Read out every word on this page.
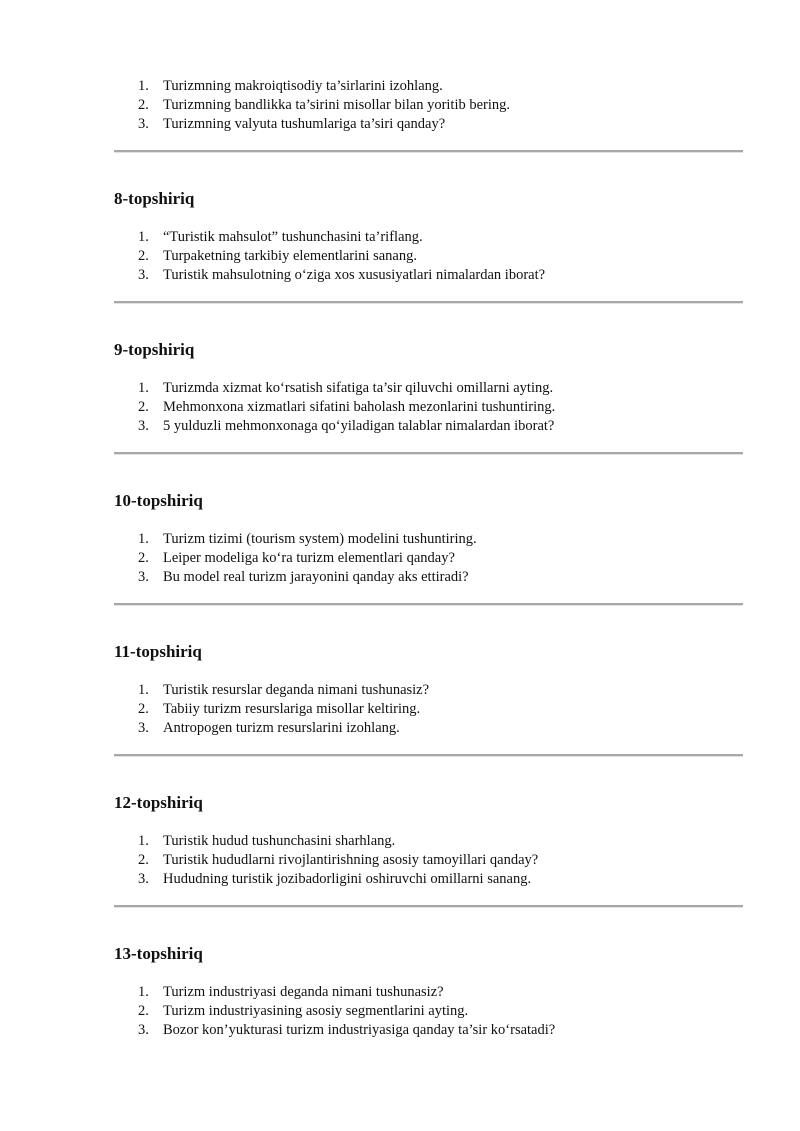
1. Turizmning makroiqtisodiy ta’sirlarini izohlang.
2. Turizmning bandlikka ta’sirini misollar bilan yoritib bering.
3. Turizmning valyuta tushumlariga ta’siri qanday?
8-topshiriq
1. “Turistik mahsulot” tushunchasini ta’riflang.
2. Turpaketning tarkibiy elementlarini sanang.
3. Turistik mahsulotning o‘ziga xos xususiyatlari nimalardan iborat?
9-topshiriq
1. Turizmda xizmat ko‘rsatish sifatiga ta’sir qiluvchi omillarni ayting.
2. Mehmonxona xizmatlari sifatini baholash mezonlarini tushuntiring.
3. 5 yulduzli mehmonxonaga qo‘yiladigan talablar nimalardan iborat?
10-topshiriq
1. Turizm tizimi (tourism system) modelini tushuntiring.
2. Leiper modeliga ko‘ra turizm elementlari qanday?
3. Bu model real turizm jarayonini qanday aks ettiradi?
11-topshiriq
1. Turistik resurslar deganda nimani tushunasiz?
2. Tabiiy turizm resurslariga misollar keltiring.
3. Antropogen turizm resurslarini izohlang.
12-topshiriq
1. Turistik hudud tushunchasini sharhlang.
2. Turistik hududlarni rivojlantirishning asosiy tamoyillari qanday?
3. Hududning turistik jozibadorligini oshiruvchi omillarni sanang.
13-topshiriq
1. Turizm industriyasi deganda nimani tushunasiz?
2. Turizm industriyasining asosiy segmentlarini ayting.
3. Bozor kon’yukturasi turizm industriyasiga qanday ta’sir ko‘rsatadi?
